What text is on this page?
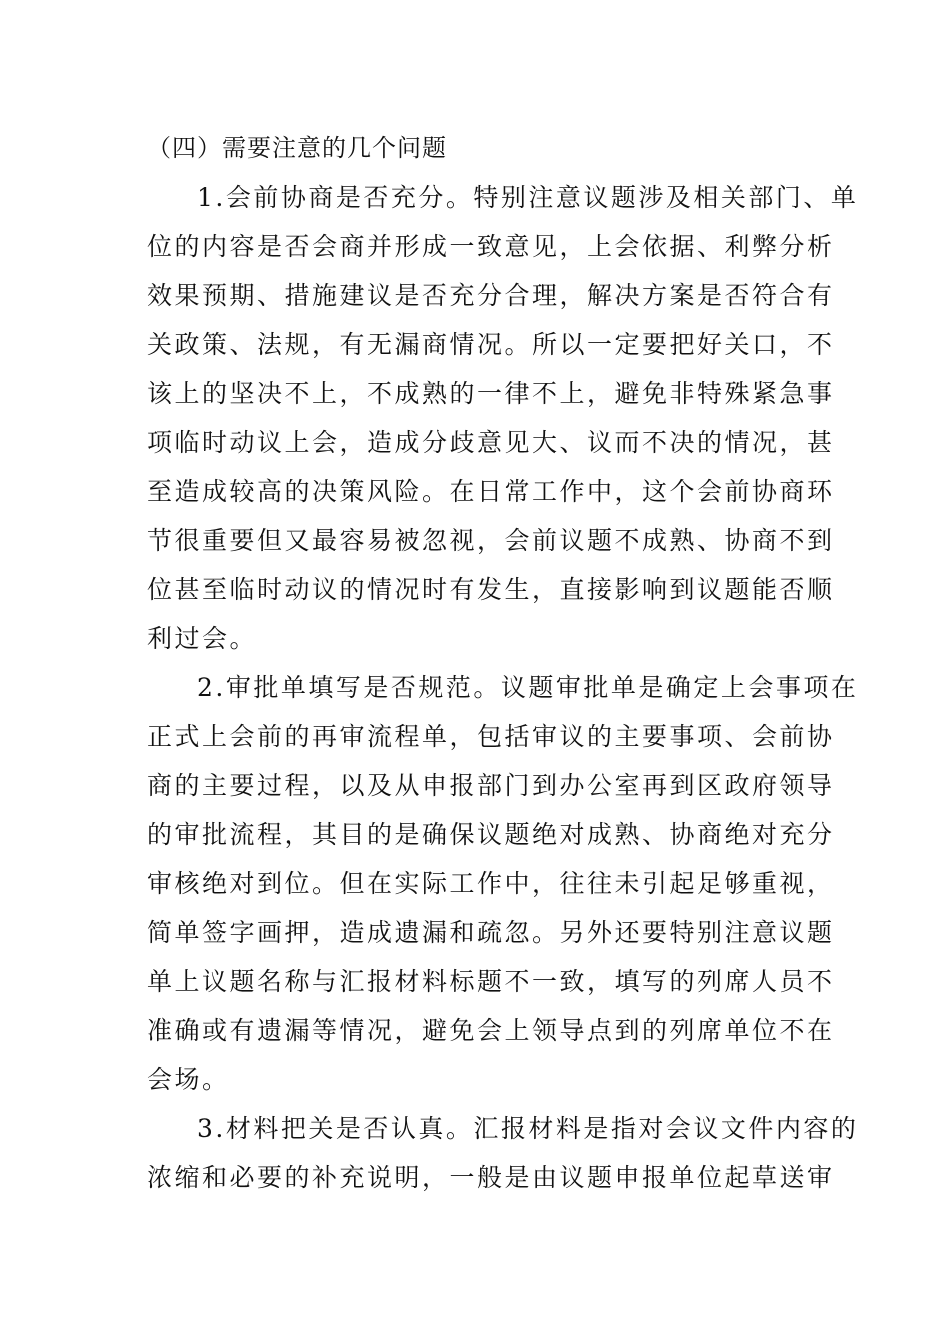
（四）需要注意的几个问题
1.会前协商是否充分。特别注意议题涉及相关部门、单
位的内容是否会商并形成一致意见，上会依据、利弊分析
效果预期、措施建议是否充分合理，解决方案是否符合有
关政策、法规，有无漏商情况。所以一定要把好关口，不
该上的坚决不上，不成熟的一律不上，避免非特殊紧急事
项临时动议上会，造成分歧意见大、议而不决的情况，甚
至造成较高的决策风险。在日常工作中，这个会前协商环
节很重要但又最容易被忽视，会前议题不成熟、协商不到
位甚至临时动议的情况时有发生，直接影响到议题能否顺
利过会。
2.审批单填写是否规范。议题审批单是确定上会事项在
正式上会前的再审流程单，包括审议的主要事项、会前协
商的主要过程，以及从申报部门到办公室再到区政府领导
的审批流程，其目的是确保议题绝对成熟、协商绝对充分
审核绝对到位。但在实际工作中，往往未引起足够重视，
简单签字画押，造成遗漏和疏忽。另外还要特别注意议题
单上议题名称与汇报材料标题不一致，填写的列席人员不
准确或有遗漏等情况，避免会上领导点到的列席单位不在
会场。
3.材料把关是否认真。汇报材料是指对会议文件内容的
浓缩和必要的补充说明，一般是由议题申报单位起草送审
